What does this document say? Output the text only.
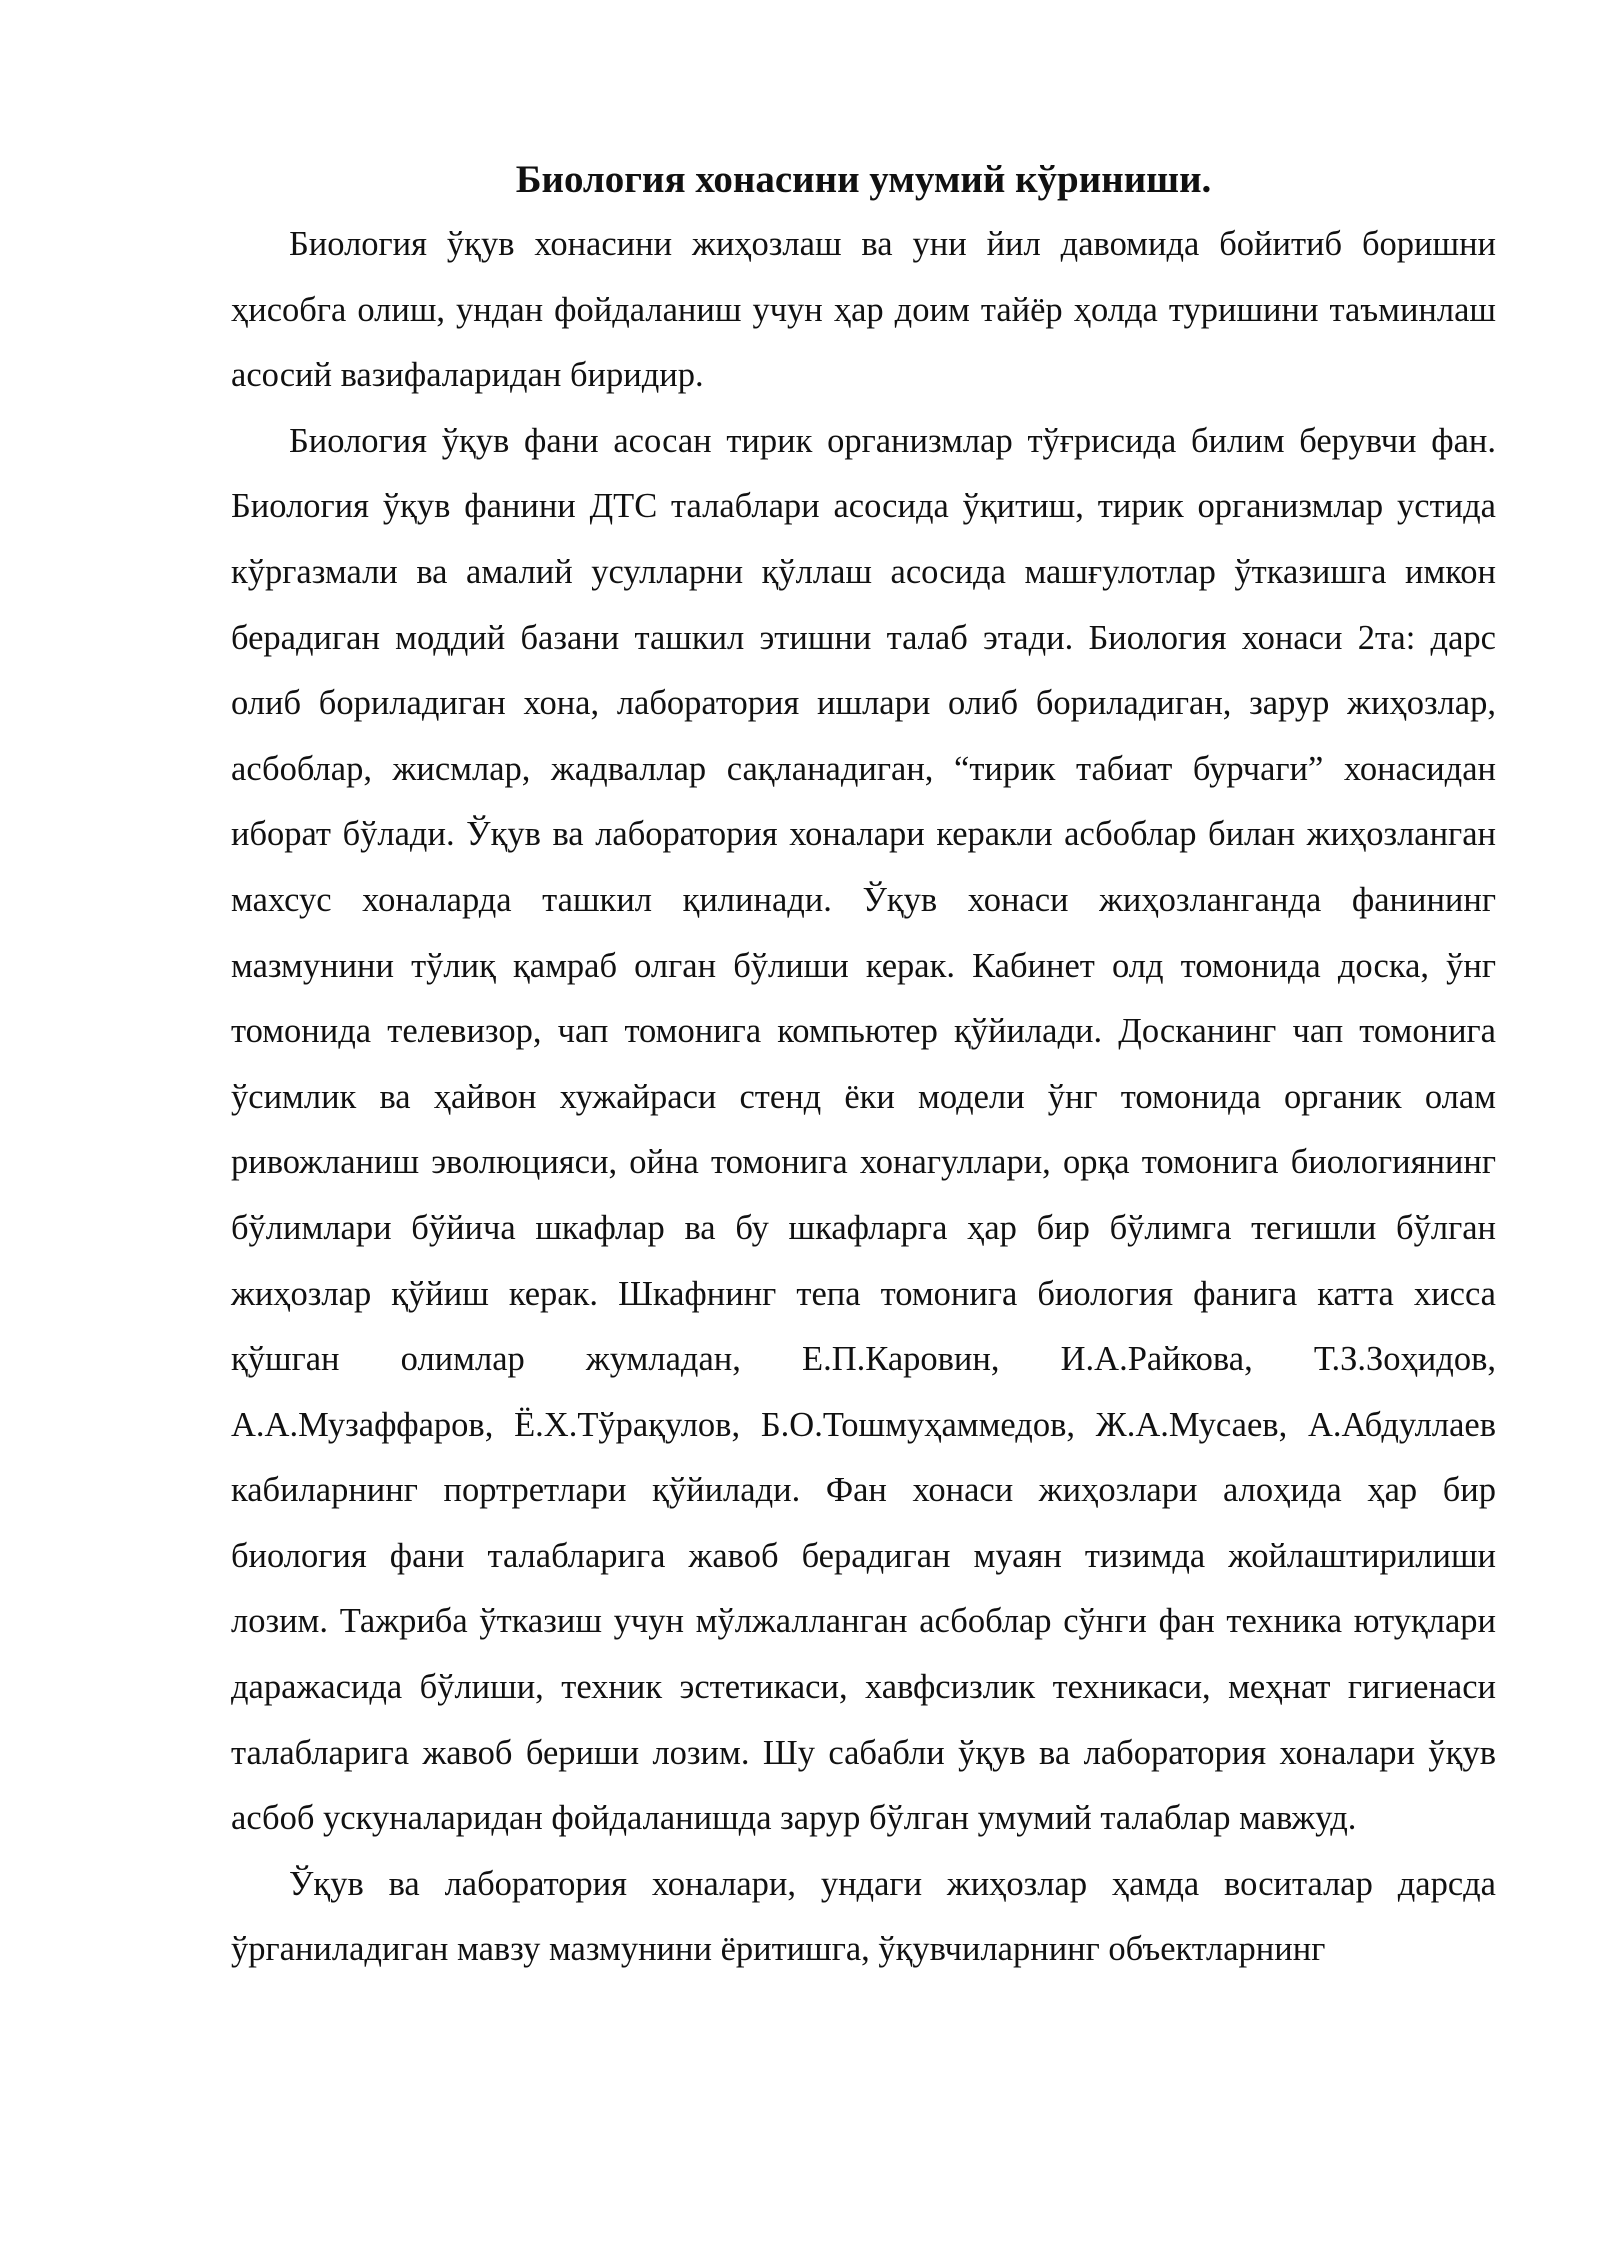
Биология хонасини умумий кўриниши.

Биология ўқув хонасини жиҳозлаш ва уни йил давомида бойитиб боришни ҳисобга олиш, ундан фойдаланиш учун ҳар доим тайёр ҳолда туришини таъминлаш асосий вазифаларидан биридир.

Биология ўқув фани асосан тирик организмлар тўғрисида билим берувчи фан. Биология ўқув фанини ДТС талаблари асосида ўқитиш, тирик организмлар устида кўргазмали ва амалий усулларни қўллаш асосида машғулотлар ўтказишга имкон берадиган моддий базани ташкил этишни талаб этади. Биология хонаси 2та: дарс олиб бориладиган хона, лаборатория ишлари олиб бориладиган, зарур жиҳозлар, асбоблар, жисмлар, жадваллар сақланадиган, “тирик табиат бурчаги” хонасидан иборат бўлади. Ўқув ва лаборатория хоналари керакли асбоблар билан жиҳозланган махсус хоналарда ташкил қилинади. Ўқув хонаси жиҳозланганда фанининг мазмунини тўлиқ қамраб олган бўлиши керак. Кабинет олд томонида доска, ўнг томонида телевизор, чап томонига компьютер қўйилади. Досканинг чап томонига ўсимлик ва ҳайвон хужайраси стенд ёки модели ўнг томонида органик олам ривожланиш эволюцияси, ойна томонига хонагуллари, орқа томонига биологиянинг бўлимлари бўйича шкафлар ва бу шкафларга ҳар бир бўлимга тегишли бўлган жиҳозлар қўйиш керак. Шкафнинг тепа томонига биология фанига катта хисса қўшган олимлар жумладан, Е.П.Каровин, И.А.Райкова, Т.З.Зоҳидов, А.А.Музаффаров, Ё.Х.Тўрақулов, Б.О.Тошмуҳаммедов, Ж.А.Мусаев, А.Абдуллаев кабиларнинг портретлари қўйилади. Фан хонаси жиҳозлари алоҳида ҳар бир биология фани талабларига жавоб берадиган муаян тизимда жойлаштирилиши лозим. Тажриба ўтказиш учун мўлжалланган асбоблар сўнги фан техника ютуқлари даражасида бўлиши, техник эстетикаси, хавфсизлик техникаси, меҳнат гигиенаси талабларига жавоб бериши лозим. Шу сабабли ўқув ва лаборатория хоналари ўқув асбоб ускуналаридан фойдаланишда зарур бўлган умумий талаблар мавжуд.

Ўқув ва лаборатория хоналари, ундаги жиҳозлар ҳамда воситалар дарсда ўрганиладиган мавзу мазмунини ёритишга, ўқувчиларнинг объектларнинг
